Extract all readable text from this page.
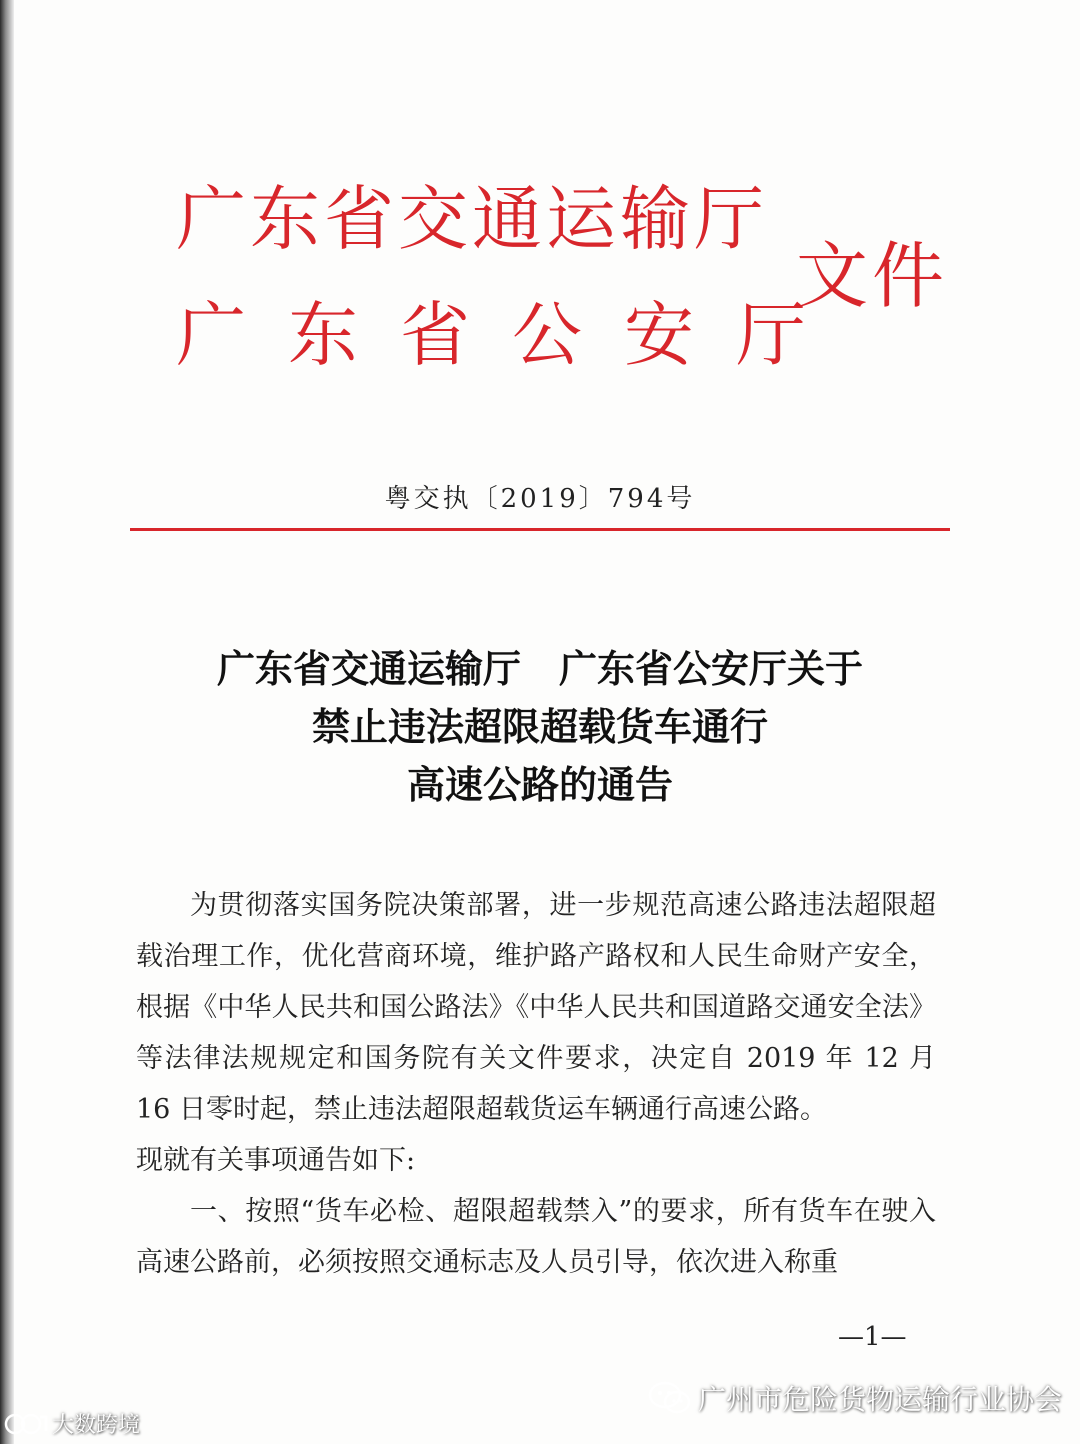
广东省交通运输厅
广东省公安厅
文件
粤交执〔2019〕794号
广东省交通运输厅　广东省公安厅关于
禁止违法超限超载货车通行
高速公路的通告

为贯彻落实国务院决策部署，进一步规范高速公路违法超限超载治理工作，优化营商环境，维护路产路权和人民生命财产安全，根据《中华人民共和国公路法》《中华人民共和国道路交通安全法》等法律法规规定和国务院有关文件要求，决定自 2019 年 12 月 16 日零时起，禁止违法超限超载货运车辆通行高速公路。

现就有关事项通告如下:

一、按照“货车必检、超限超载禁入”的要求，所有货车在驶入高速公路前，必须按照交通标志及人员引导，依次进入称重

—1—
广州市危险货物运输行业协会
大数跨境
